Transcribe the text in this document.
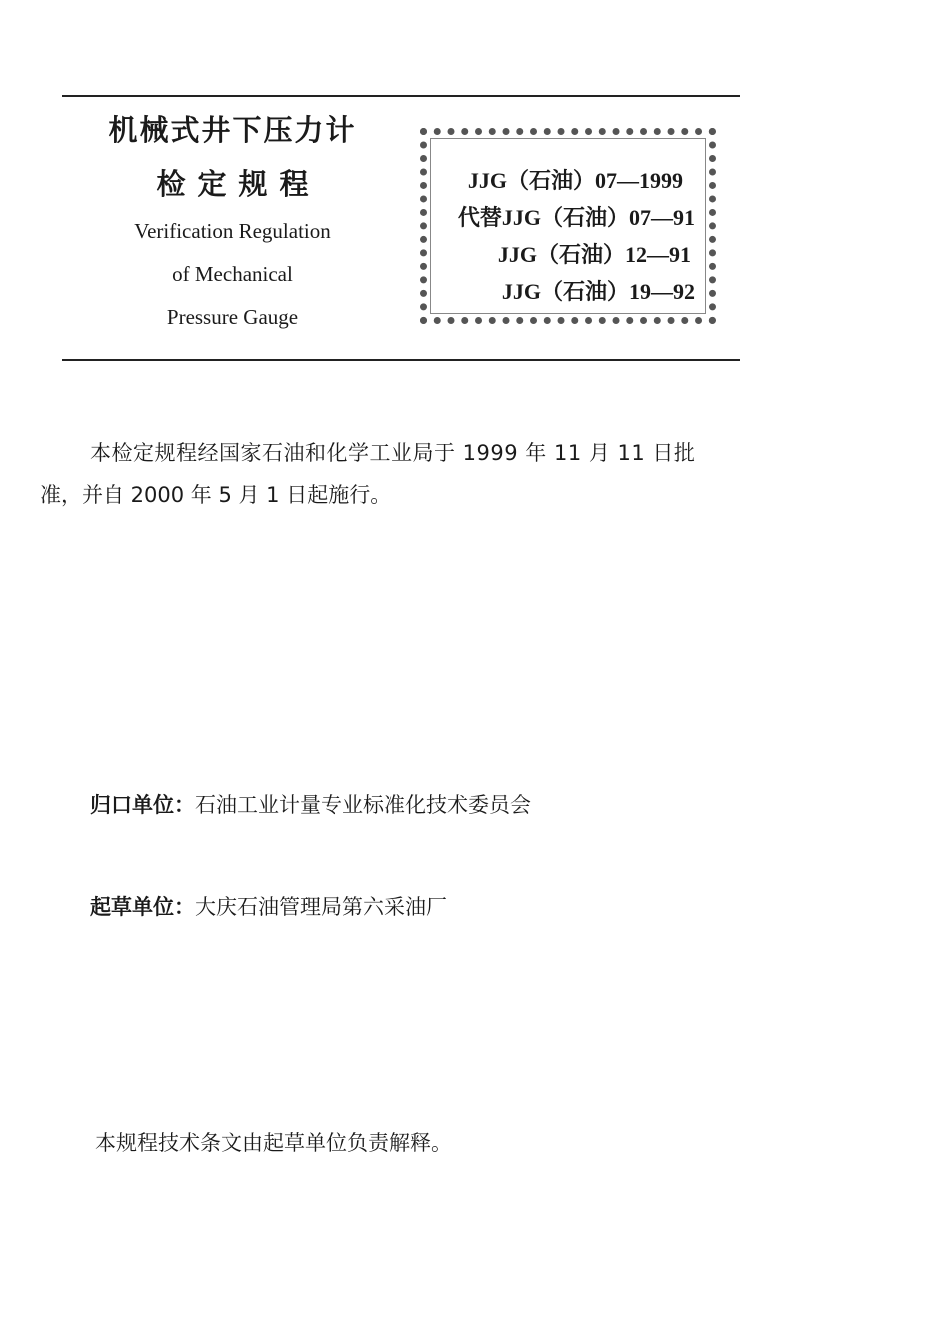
机械式井下压力计

检定规程

Verification Regulation

of Mechanical

Pressure Gauge

JJG（石油）07—1999

代替JJG（石油）07—91

JJG（石油）12—91

JJG（石油）19—92

本检定规程经国家石油和化学工业局于 1999 年 11 月 11 日批

准，并自 2000 年 5 月 1 日起施行。

归口单位：石油工业计量专业标准化技术委员会
起草单位：大庆石油管理局第六采油厂
本规程技术条文由起草单位负责解释。
